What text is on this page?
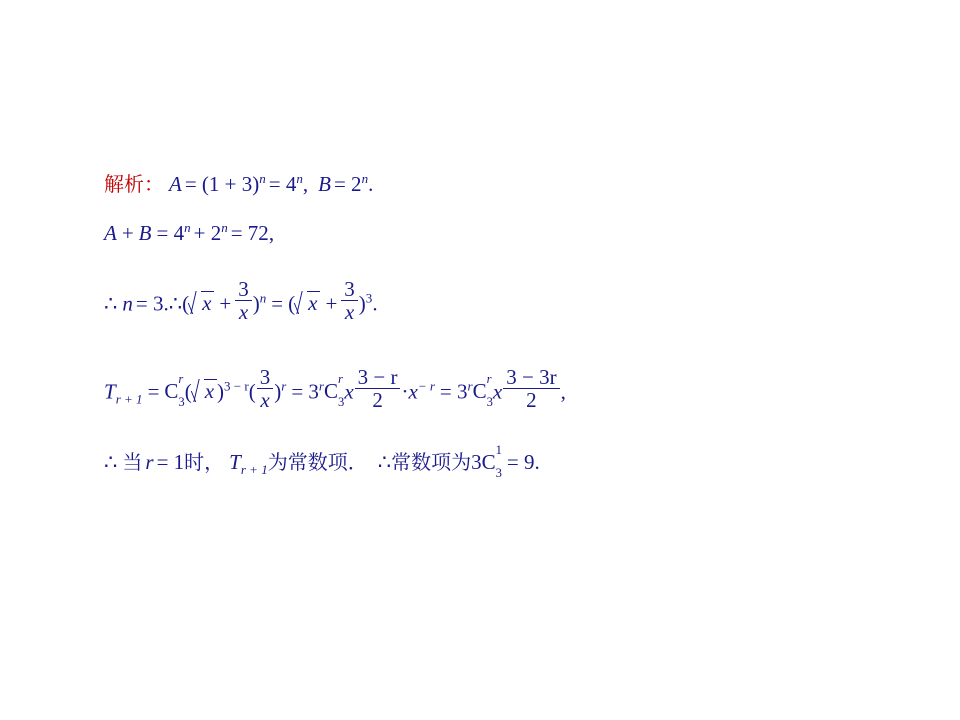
解析： $A = (1 + 3)^n = 4^n$, $B = 2^n$.
$A + B = 4^n + 2^n = 72$,
∴ n = 3.∴( $x + \frac{3}{x} )^n$ = ( $x + \frac{3}{x} )^3$.
$T_{r + 1} = C$ r
3 ( x )$^{3 - r}( \frac{3}{x} )^r = 3^rC$ r
3 x $\frac{3 - r}{2} \cdot x^{- r} = 3^rC$ r
3 x $\frac{3 - 3r}{2}$ ,
∴ 当 r = 1时， $T_{r + 1}$为常数项． ∴常数项为3C 1
3 = 9.
